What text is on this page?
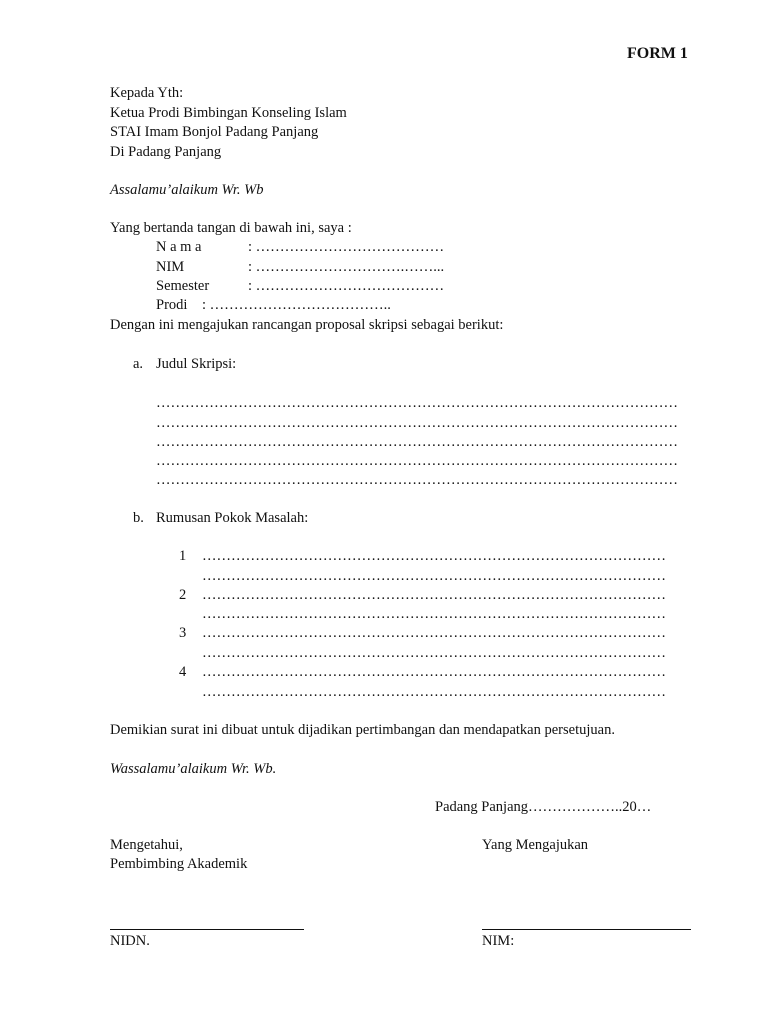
FORM 1
Kepada Yth:
Ketua Prodi Bimbingan Konseling Islam
STAI Imam Bonjol Padang Panjang
Di Padang Panjang
Assalamu’alaikum Wr. Wb
Yang bertanda tangan di bawah ini, saya :
N a m a	: …………………………………
NIM	: ………………………….……...
Semester	: …………………………………
Prodi : ………………………………..
Dengan ini mengajukan rancangan proposal skripsi sebagai berikut:
a. Judul Skripsi:
………………………………………………………………………………………………
………………………………………………………………………………………………
………………………………………………………………………………………………
………………………………………………………………………………………………
………………………………………………………………………………………………
b. Rumusan Pokok Masalah:
1 ……………………………………………………………………………………
……………………………………………………………………………………
2 ……………………………………………………………………………………
……………………………………………………………………………………
3 ……………………………………………………………………………………
……………………………………………………………………………………
4 ……………………………………………………………………………………
……………………………………………………………………………………
Demikian surat ini dibuat untuk dijadikan pertimbangan dan mendapatkan persetujuan.
Wassalamu’alaikum Wr. Wb.
Padang Panjang………………..20…
Mengetahui,
Pembimbing Akademik
Yang Mengajukan
NIDN.	NIM:
